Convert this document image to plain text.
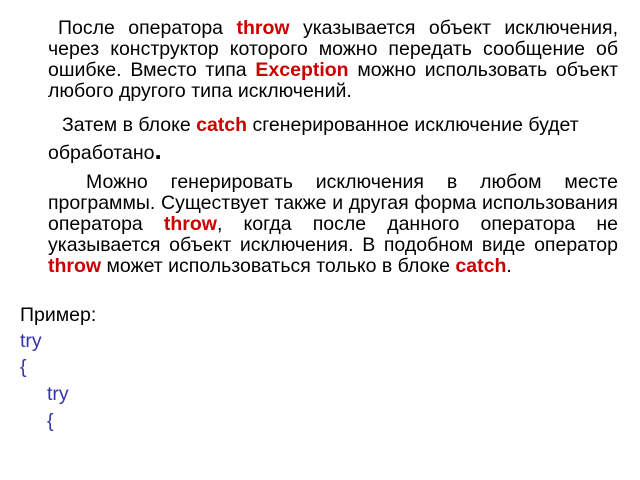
После оператора throw указывается объект исключения, через конструктор которого можно передать сообщение об ошибке. Вместо типа Exception можно использовать объект любого другого типа исключений.
Затем в блоке catch сгенерированное исключение будет обработано.
Можно генерировать исключения в любом месте программы. Существует также и другая форма использования оператора throw, когда после данного оператора не указывается объект исключения. В подобном виде оператор throw может использоваться только в блоке catch.
Пример:
try
{
try
{
